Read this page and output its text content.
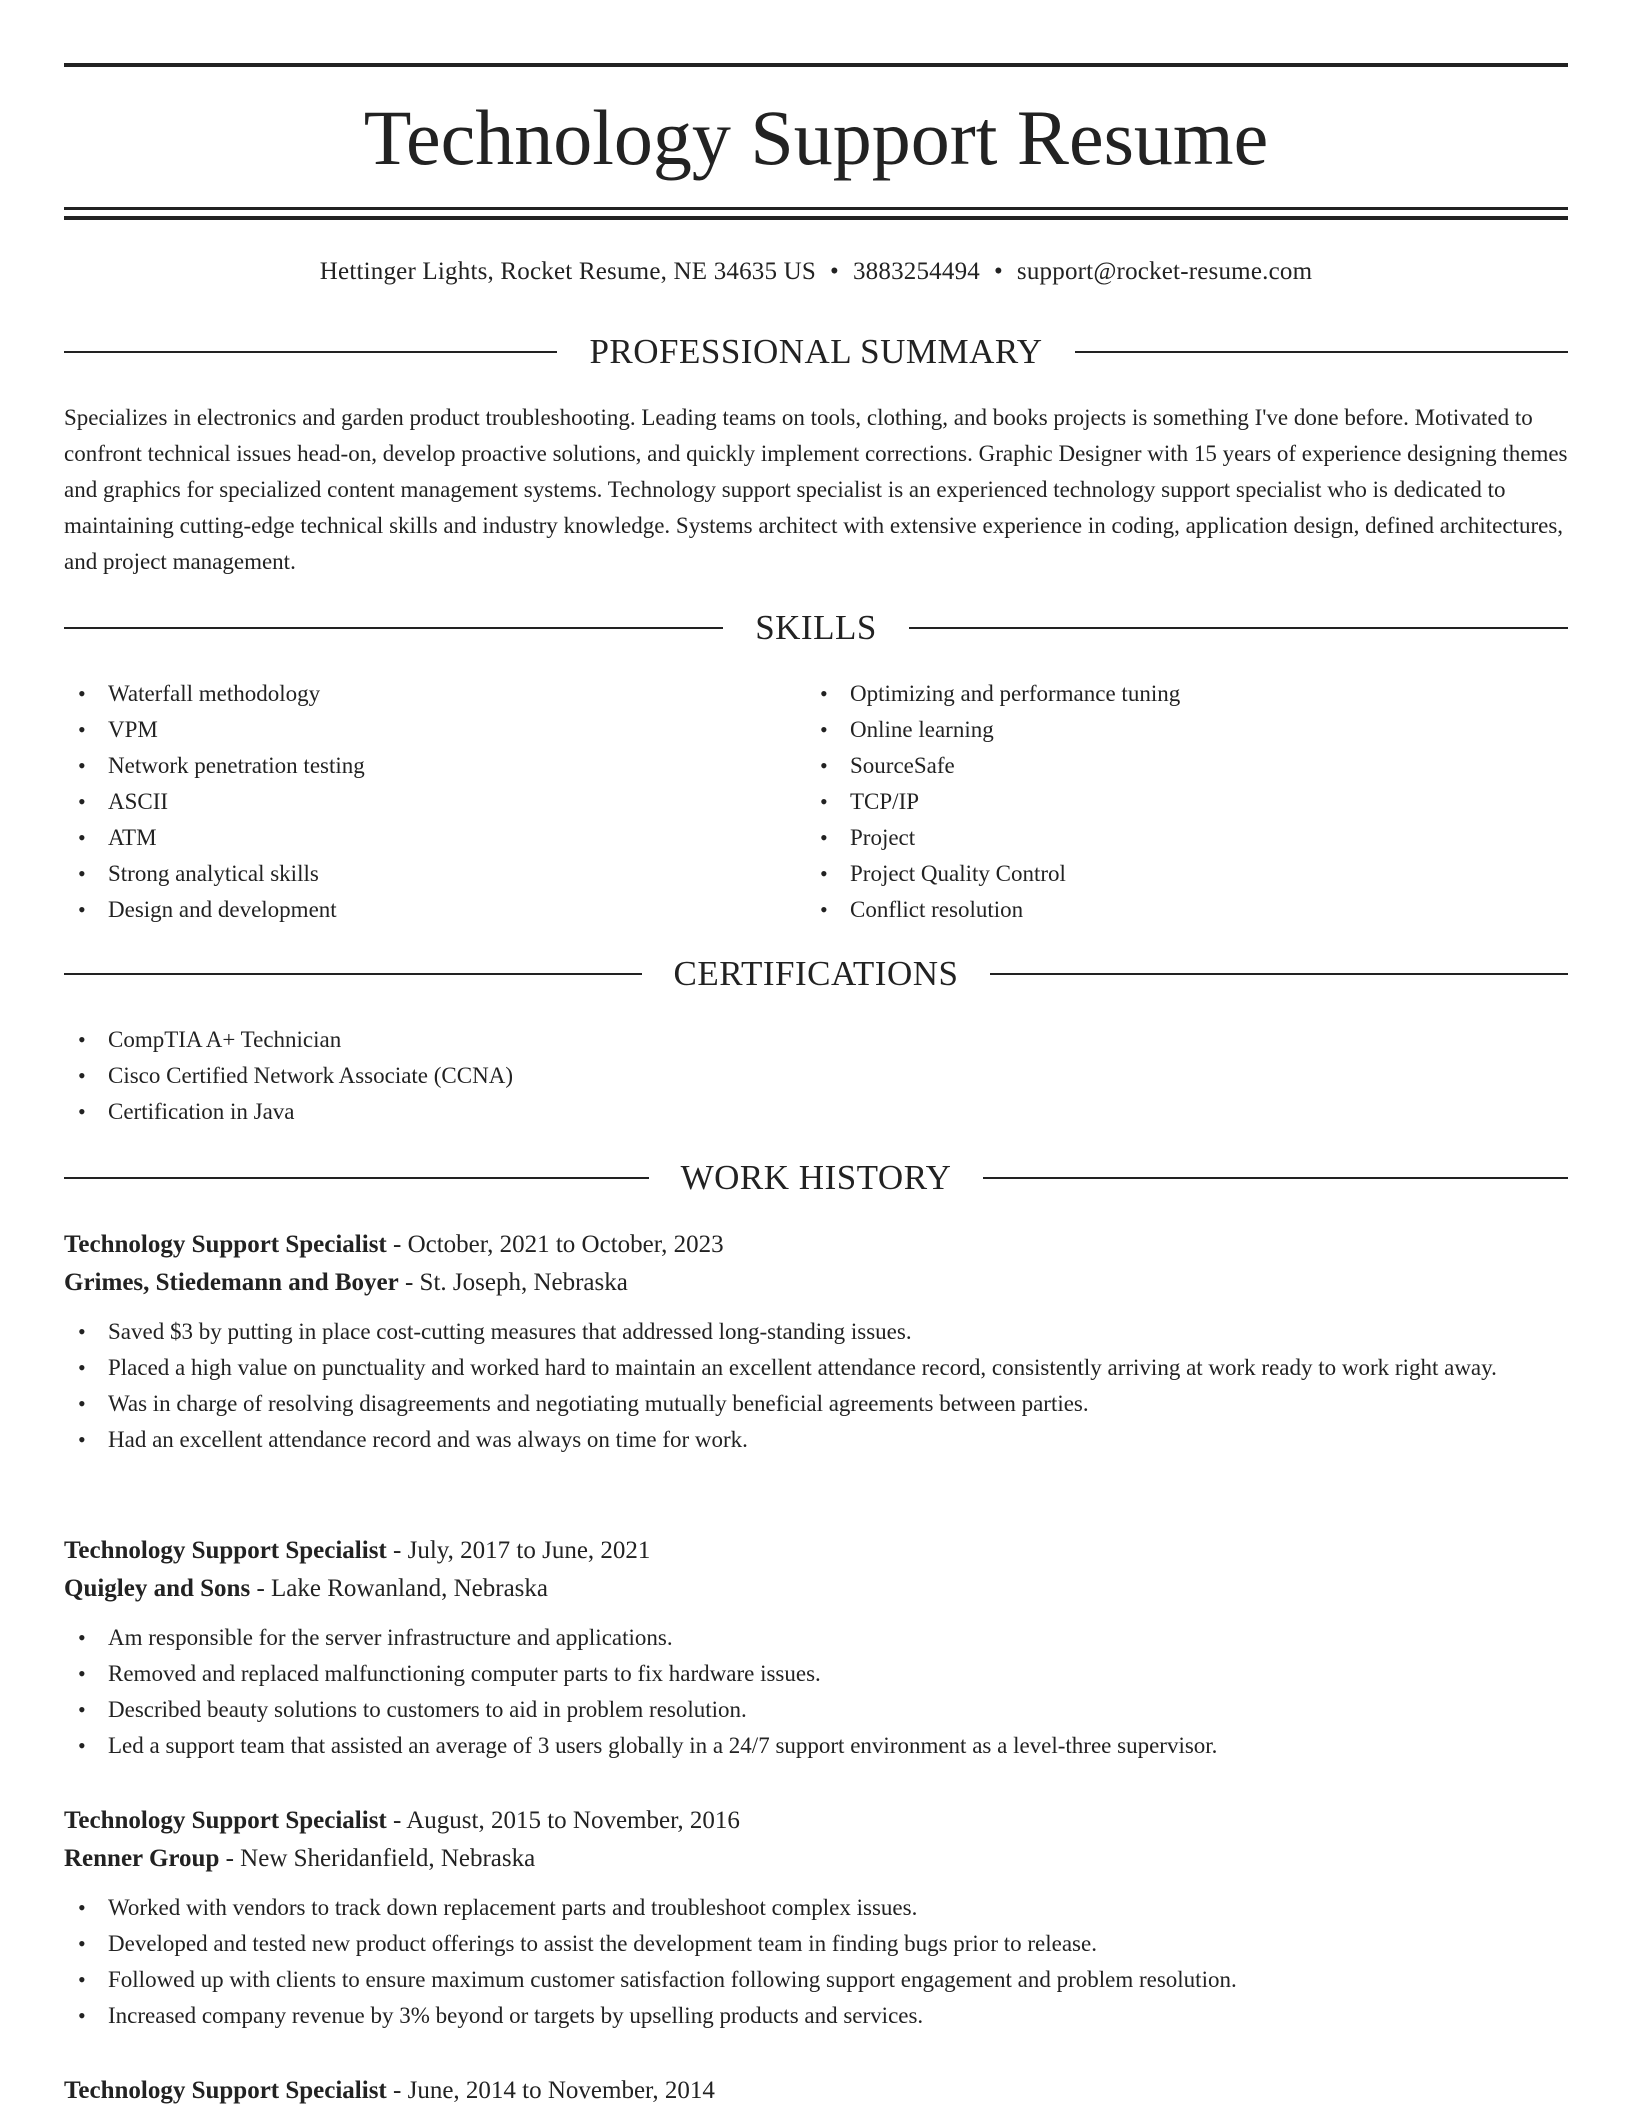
Technology Support Resume
Hettinger Lights, Rocket Resume, NE 34635 US • 3883254494 • support@rocket-resume.com
PROFESSIONAL SUMMARY

Specializes in electronics and garden product troubleshooting. Leading teams on tools, clothing, and books projects is something I've done before. Motivated to confront technical issues head-on, develop proactive solutions, and quickly implement corrections. Graphic Designer with 15 years of experience designing themes and graphics for specialized content management systems. Technology support specialist is an experienced technology support specialist who is dedicated to maintaining cutting-edge technical skills and industry knowledge. Systems architect with extensive experience in coding, application design, defined architectures, and project management.

SKILLS
• Waterfall methodology
• VPM
• Network penetration testing
• ASCII
• ATM
• Strong analytical skills
• Design and development
• Optimizing and performance tuning
• Online learning
• SourceSafe
• TCP/IP
• Project
• Project Quality Control
• Conflict resolution
CERTIFICATIONS
• CompTIA A+ Technician
• Cisco Certified Network Associate (CCNA)
• Certification in Java
WORK HISTORY
Technology Support Specialist - October, 2021 to October, 2023
Grimes, Stiedemann and Boyer - St. Joseph, Nebraska
• Saved $3 by putting in place cost-cutting measures that addressed long-standing issues.
• Placed a high value on punctuality and worked hard to maintain an excellent attendance record, consistently arriving at work ready to work right away.
• Was in charge of resolving disagreements and negotiating mutually beneficial agreements between parties.
• Had an excellent attendance record and was always on time for work.
Technology Support Specialist - July, 2017 to June, 2021
Quigley and Sons - Lake Rowanland, Nebraska
• Am responsible for the server infrastructure and applications.
• Removed and replaced malfunctioning computer parts to fix hardware issues.
• Described beauty solutions to customers to aid in problem resolution.
• Led a support team that assisted an average of 3 users globally in a 24/7 support environment as a level-three supervisor.
Technology Support Specialist - August, 2015 to November, 2016
Renner Group - New Sheridanfield, Nebraska
• Worked with vendors to track down replacement parts and troubleshoot complex issues.
• Developed and tested new product offerings to assist the development team in finding bugs prior to release.
• Followed up with clients to ensure maximum customer satisfaction following support engagement and problem resolution.
• Increased company revenue by 3% beyond or targets by upselling products and services.
Technology Support Specialist - June, 2014 to November, 2014
